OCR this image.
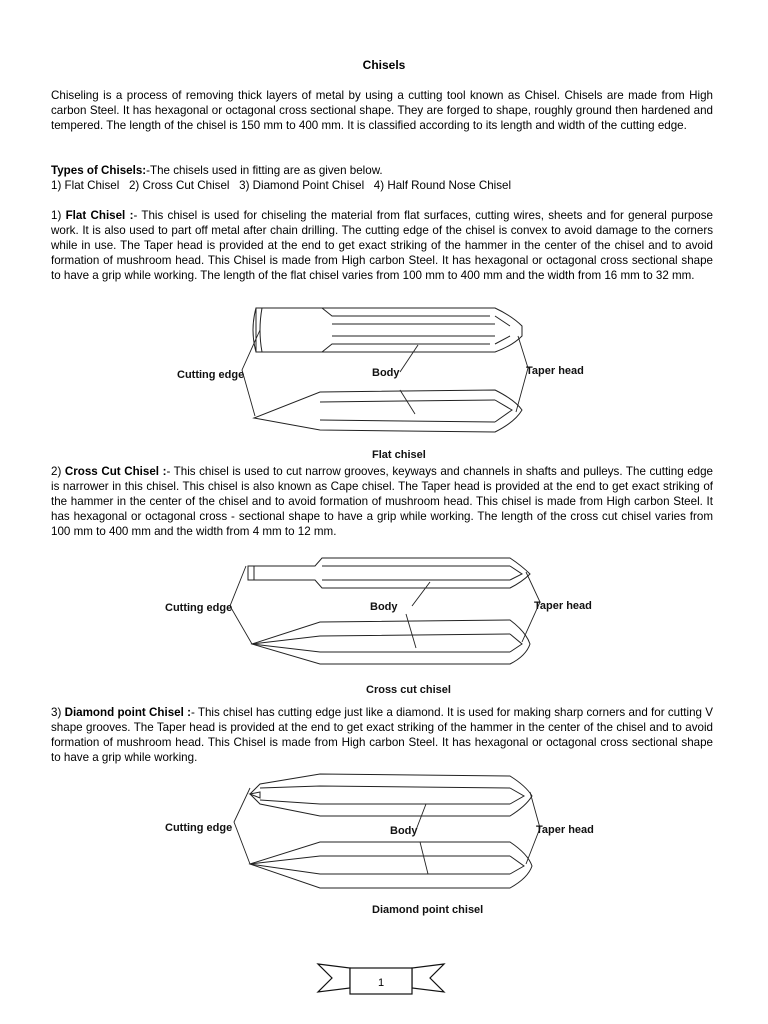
Chisels

Chiseling is a process of removing thick layers of metal by using a cutting tool known as Chisel. Chisels are made from High carbon Steel. It has hexagonal or octagonal cross sectional shape. They are forged to shape, roughly ground then hardened and tempered. The length of the chisel is 150 mm to 400 mm. It is classified according to its length and width of the cutting edge.

Types of Chisels:-The chisels used in fitting are as given below.
1) Flat Chisel   2) Cross Cut Chisel   3) Diamond Point Chisel   4) Half Round Nose Chisel

1) Flat Chisel :- This chisel is used for chiseling the material from flat surfaces, cutting wires, sheets and for general purpose work. It is also used to part off metal after chain drilling. The cutting edge of the chisel is convex to avoid damage to the corners while in use. The Taper head is provided at the end to get exact striking of the hammer in the center of the chisel and to avoid formation of mushroom head. This Chisel is made from High carbon Steel. It has hexagonal or octagonal cross sectional shape to have a grip while working. The length of the flat chisel varies from 100 mm to 400 mm and the width from 16 mm to 32 mm.

Cutting edge	Body	Taper head
Flat chisel

2) Cross Cut Chisel :- This chisel is used to cut narrow grooves, keyways and channels in shafts and pulleys. The cutting edge is narrower in this chisel. This chisel is also known as Cape chisel. The Taper head is provided at the end to get exact striking of the hammer in the center of the chisel and to avoid formation of mushroom head. This chisel is made from High carbon Steel. It has hexagonal or octagonal cross - sectional shape to have a grip while working. The length of the cross cut chisel varies from 100 mm to 400 mm and the width from 4 mm to 12 mm.

Cutting edge	Body	Taper head
Cross cut chisel

3) Diamond point Chisel :- This chisel has cutting edge just like a diamond. It is used for making sharp corners and for cutting V shape grooves. The Taper head is provided at the end to get exact striking of the hammer in the center of the chisel and to avoid formation of mushroom head. This Chisel is made from High carbon Steel. It has hexagonal or octagonal cross sectional shape to have a grip while working.

Cutting edge	Body	Taper head
Diamond point chisel
1
